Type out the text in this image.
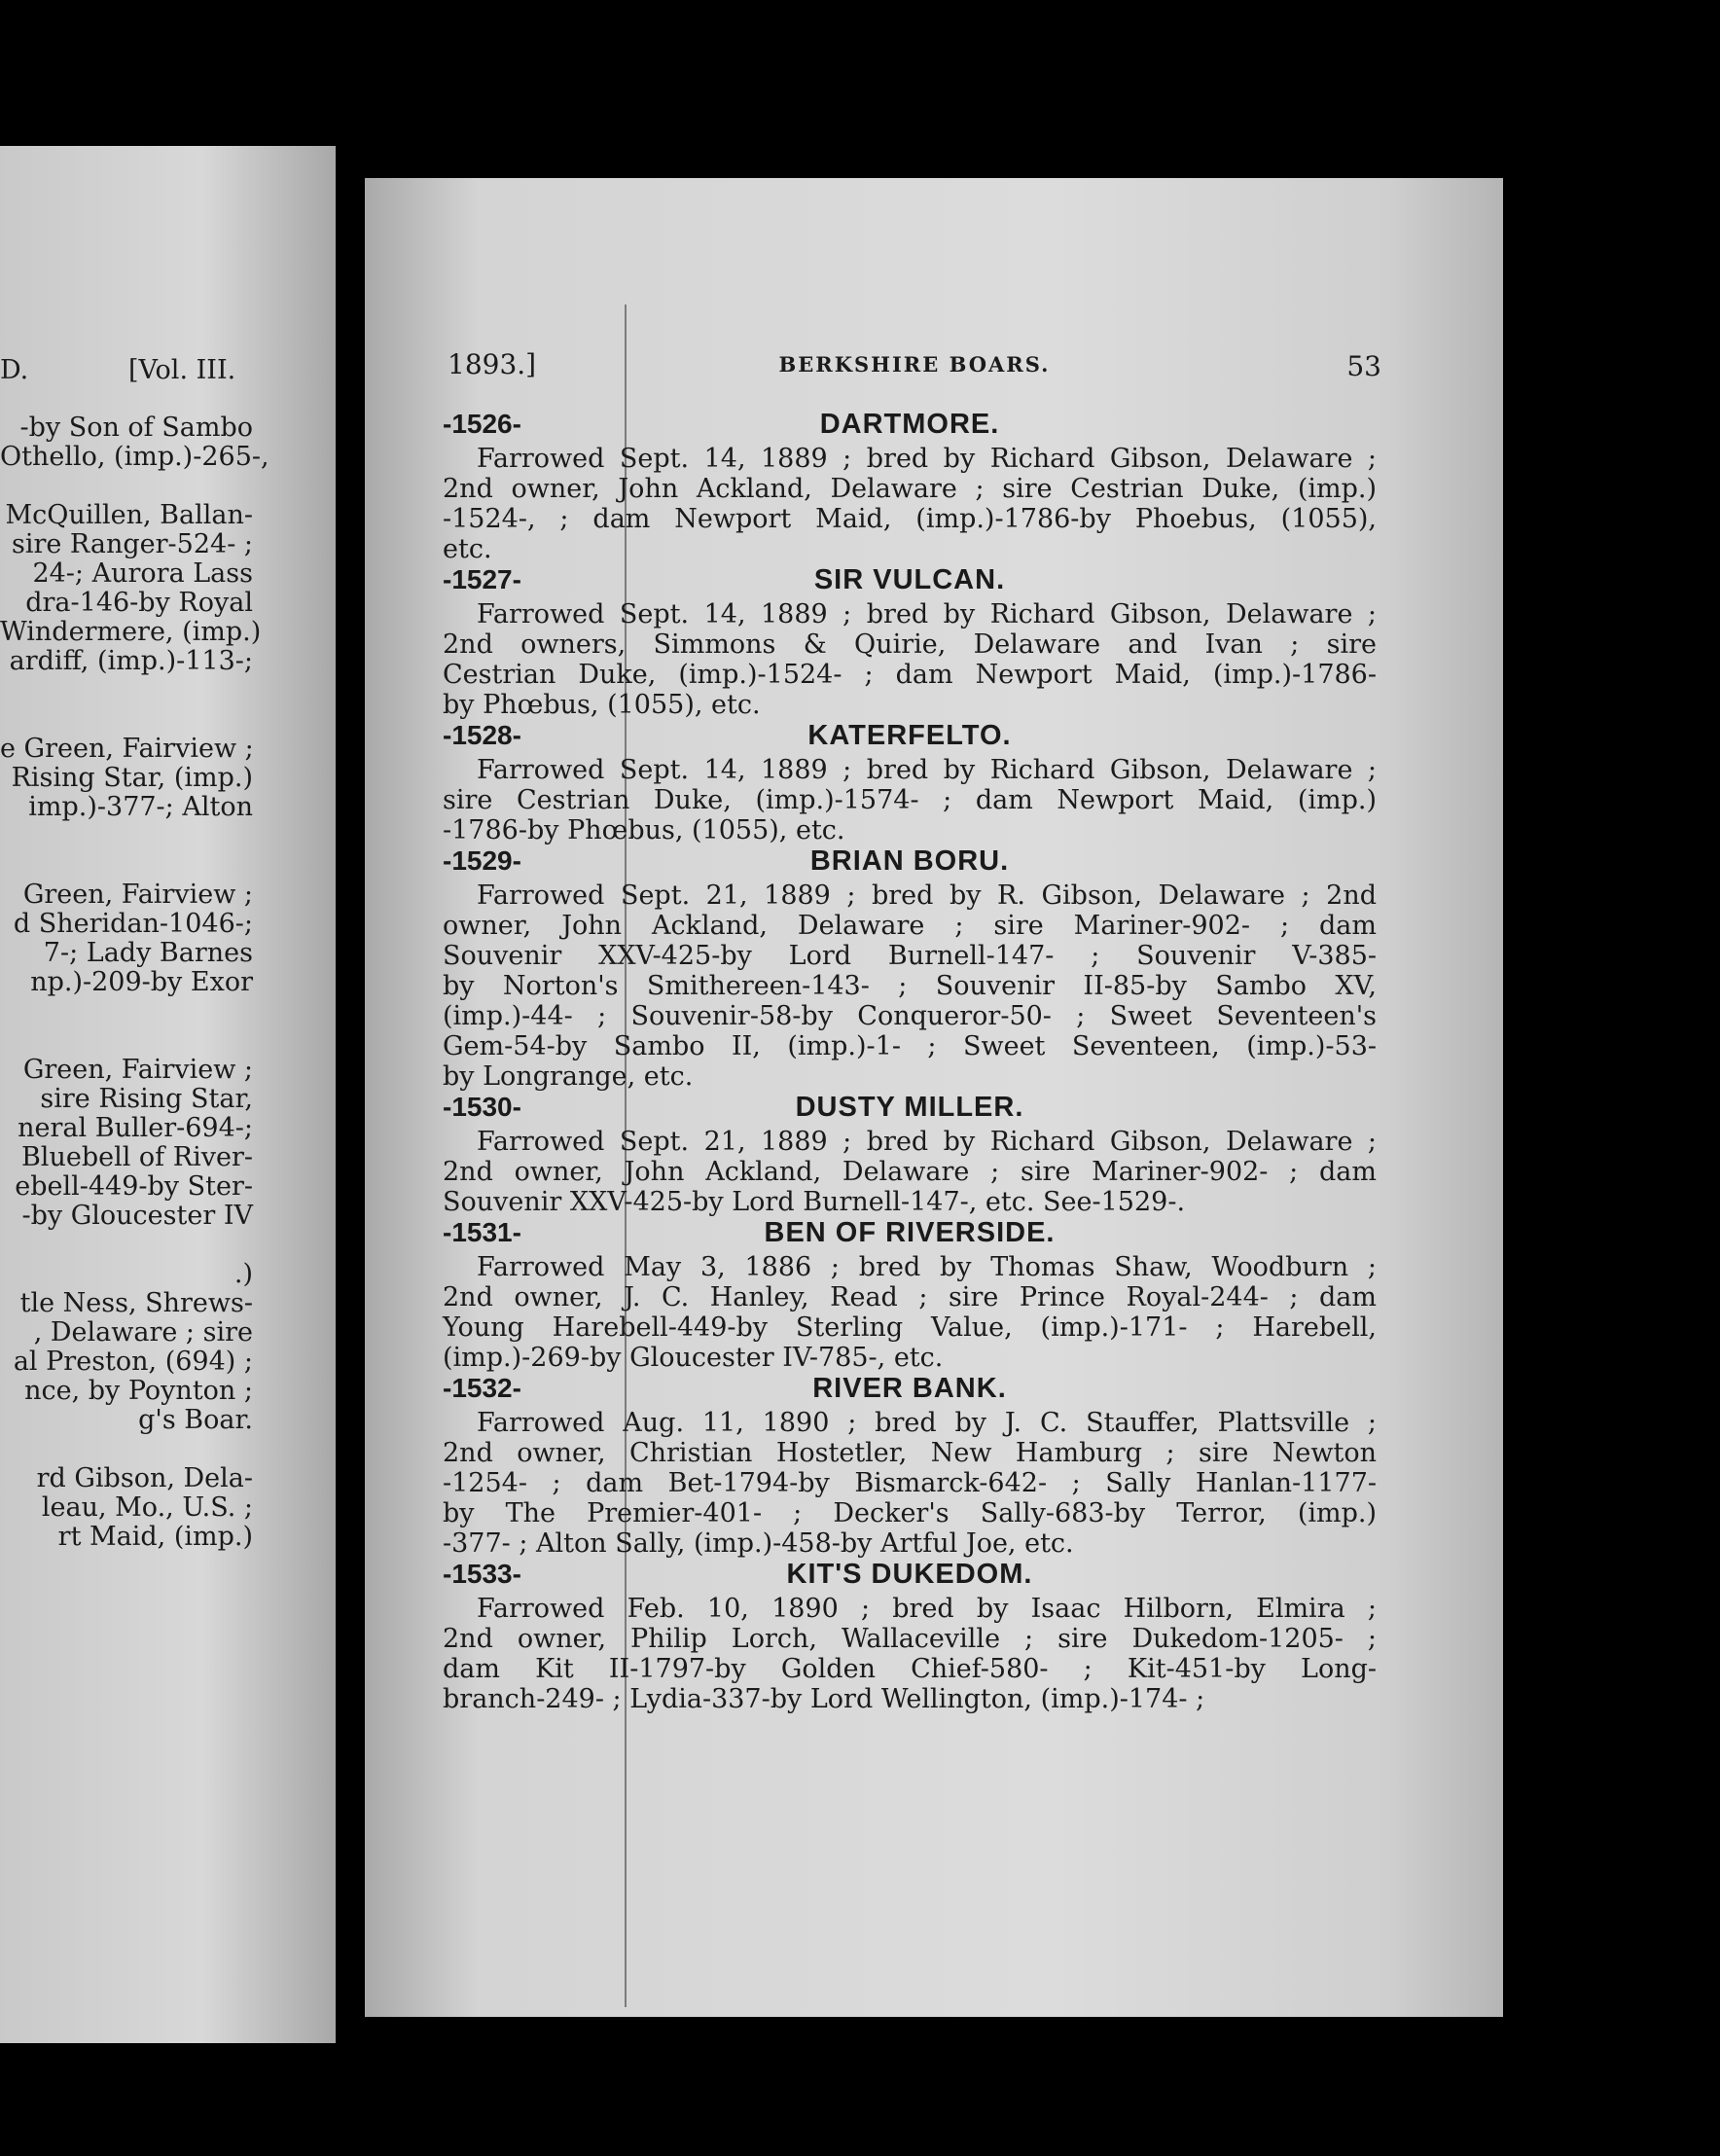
D.	[Vol. III.
-by Son of Sambo
Othello, (imp.)-265-,
McQuillen, Ballan-
sire Ranger-524- ;
24-; Aurora Lass
dra-146-by Royal
Windermere, (imp.)
ardiff, (imp.)-113-;
e Green, Fairview ;
Rising Star, (imp.)
imp.)-377-; Alton
Green, Fairview ;
d Sheridan-1046-;
7-; Lady Barnes
np.)-209-by Exor
Green, Fairview ;
sire Rising Star,
neral Buller-694-;
Bluebell of River-
ebell-449-by Ster-
-by Gloucester IV
.)
tle Ness, Shrews-
, Delaware ; sire
al Preston, (694) ;
nce, by Poynton ;
g's Boar.
rd Gibson, Dela-
leau, Mo., U.S. ;
rt Maid, (imp.)
1893.]	BERKSHIRE BOARS.	53
DARTMORE.
-1526-
Farrowed Sept. 14, 1889 ; bred by Richard Gibson, Delaware ;
2nd owner, John Ackland, Delaware ; sire Cestrian Duke, (imp.)
-1524-, ; dam Newport Maid, (imp.)-1786-by Phoebus, (1055),
etc.
SIR VULCAN.
-1527-
Farrowed Sept. 14, 1889 ; bred by Richard Gibson, Delaware ;
2nd owners, Simmons & Quirie, Delaware and Ivan ; sire
Cestrian Duke, (imp.)-1524- ; dam Newport Maid, (imp.)-1786-
by Phœbus, (1055), etc.
KATERFELTO.
-1528-
Farrowed Sept. 14, 1889 ; bred by Richard Gibson, Delaware ;
sire Cestrian Duke, (imp.)-1574- ; dam Newport Maid, (imp.)
-1786-by Phœbus, (1055), etc.
BRIAN BORU.
-1529-
Farrowed Sept. 21, 1889 ; bred by R. Gibson, Delaware ; 2nd
owner, John Ackland, Delaware ; sire Mariner-902- ; dam
Souvenir XXV-425-by Lord Burnell-147- ; Souvenir V-385-
by Norton's Smithereen-143- ; Souvenir II-85-by Sambo XV,
(imp.)-44- ; Souvenir-58-by Conqueror-50- ; Sweet Seventeen's
Gem-54-by Sambo II, (imp.)-1- ; Sweet Seventeen, (imp.)-53-
by Longrange, etc.
DUSTY MILLER.
-1530-
Farrowed Sept. 21, 1889 ; bred by Richard Gibson, Delaware ;
2nd owner, John Ackland, Delaware ; sire Mariner-902- ; dam
Souvenir XXV-425-by Lord Burnell-147-, etc. See-1529-.
BEN OF RIVERSIDE.
-1531-
Farrowed May 3, 1886 ; bred by Thomas Shaw, Woodburn ;
2nd owner, J. C. Hanley, Read ; sire Prince Royal-244- ; dam
Young Harebell-449-by Sterling Value, (imp.)-171- ; Harebell,
(imp.)-269-by Gloucester IV-785-, etc.
RIVER BANK.
-1532-
Farrowed Aug. 11, 1890 ; bred by J. C. Stauffer, Plattsville ;
2nd owner, Christian Hostetler, New Hamburg ; sire Newton
-1254- ; dam Bet-1794-by Bismarck-642- ; Sally Hanlan-1177-
by The Premier-401- ; Decker's Sally-683-by Terror, (imp.)
-377- ; Alton Sally, (imp.)-458-by Artful Joe, etc.
KIT'S DUKEDOM.
-1533-
Farrowed Feb. 10, 1890 ; bred by Isaac Hilborn, Elmira ;
2nd owner, Philip Lorch, Wallaceville ; sire Dukedom-1205- ;
dam Kit II-1797-by Golden Chief-580- ; Kit-451-by Long-
branch-249- ; Lydia-337-by Lord Wellington, (imp.)-174- ;
